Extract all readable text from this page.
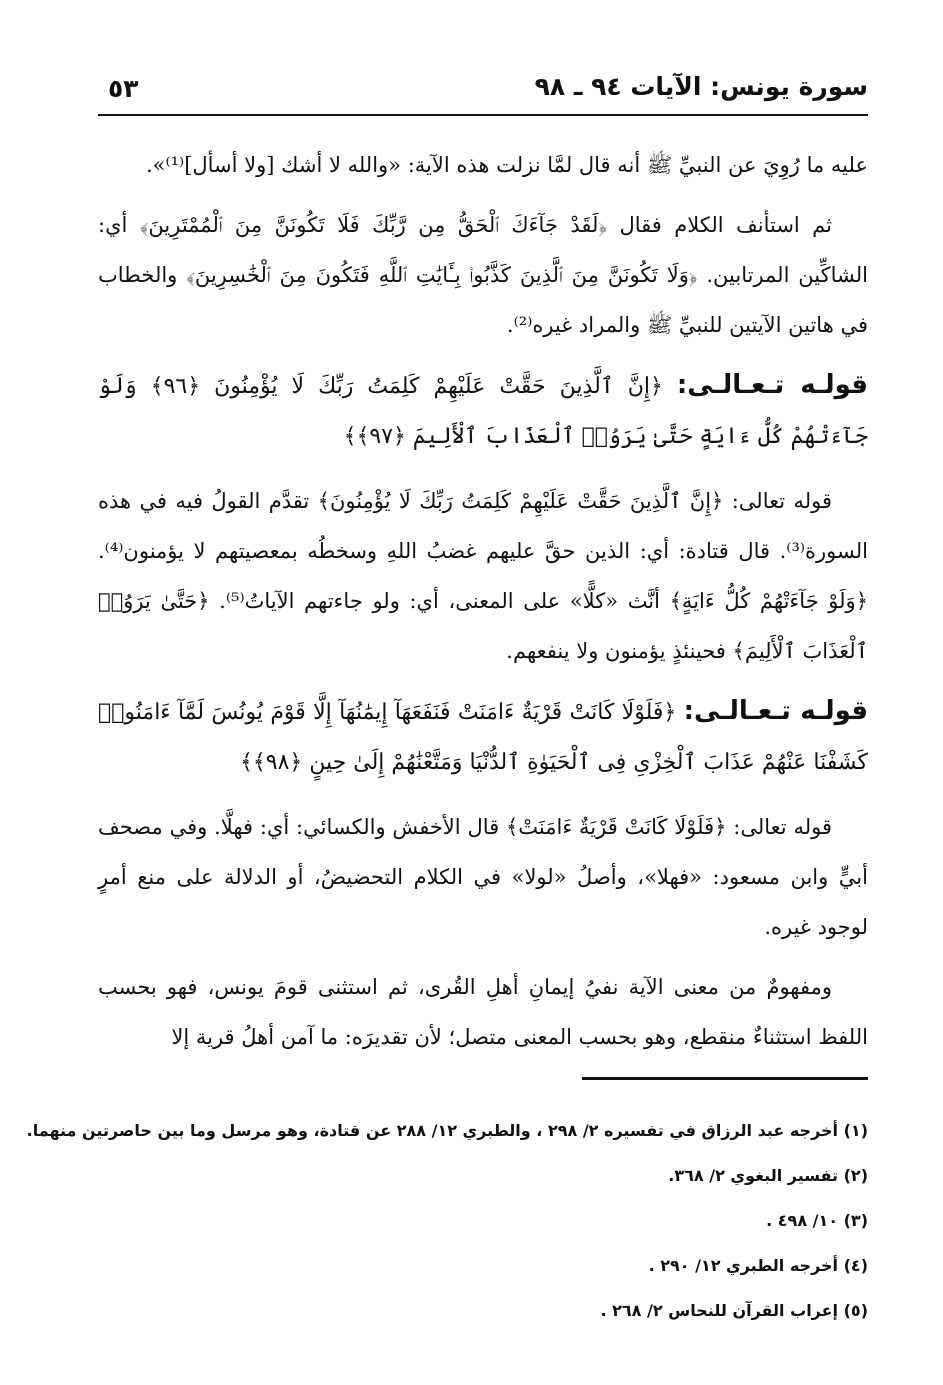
سورة يونس: الآيات ٩٤ ـ ٩٨
٥٣

عليه ما رُوِيَ عن النبيِّ ﷺ أنه قال لمَّا نزلت هذه الآية: «والله لا أشك [ولا أسأل]⁽¹⁾».

ثم استأنف الكلام فقال ﴿لَقَدْ جَآءَكَ ٱلْحَقُّ مِن رَّبِّكَ فَلَا تَكُونَنَّ مِنَ ٱلْمُمْتَرِينَ﴾ أي: الشاكِّين المرتابين. ﴿وَلَا تَكُونَنَّ مِنَ ٱلَّذِينَ كَذَّبُوا۟ بِـَٔايَٰتِ ٱللَّهِ فَتَكُونَ مِنَ ٱلْخَٰسِرِينَ﴾ والخطاب في هاتين الآيتين للنبيِّ ﷺ والمراد غيره⁽²⁾.

قولـه تـعـالـى: ﴿إِنَّ ٱلَّذِينَ حَقَّتْ عَلَيْهِمْ كَلِمَتُ رَبِّكَ لَا يُؤْمِنُونَ ﴿٩٦﴾ وَلَوْ جَآءَتْهُمْ كُلُّ ءَايَةٍ حَتَّىٰ يَرَوُا۟ ٱلْعَذَابَ ٱلْأَلِيمَ ﴿٩٧﴾﴾

قوله تعالى: ﴿إِنَّ ٱلَّذِينَ حَقَّتْ عَلَيْهِمْ كَلِمَتُ رَبِّكَ لَا يُؤْمِنُونَ﴾ تقدَّم القولُ فيه في هذه السورة⁽³⁾. قال قتادة: أي: الذين حقَّ عليهم غضبُ اللهِ وسخطُه بمعصيتهم لا يؤمنون⁽⁴⁾. ﴿وَلَوْ جَآءَتْهُمْ كُلُّ ءَايَةٍ﴾ أنَّث «كلًّا» على المعنى، أي: ولو جاءتهم الآياتُ⁽⁵⁾. ﴿حَتَّىٰ يَرَوُا۟ ٱلْعَذَابَ ٱلْأَلِيمَ﴾ فحينئذٍ يؤمنون ولا ينفعهم.

قولـه تـعـالـى: ﴿فَلَوْلَا كَانَتْ قَرْيَةٌ ءَامَنَتْ فَنَفَعَهَآ إِيمَٰنُهَآ إِلَّا قَوْمَ يُونُسَ لَمَّآ ءَامَنُوا۟ كَشَفْنَا عَنْهُمْ عَذَابَ ٱلْخِزْىِ فِى ٱلْحَيَوٰةِ ٱلدُّنْيَا وَمَتَّعْنَٰهُمْ إِلَىٰ حِينٍ ﴿٩٨﴾﴾

قوله تعالى: ﴿فَلَوْلَا كَانَتْ قَرْيَةٌ ءَامَنَتْ﴾ قال الأخفش والكسائي: أي: فهلَّا. وفي مصحف أبيٍّ وابن مسعود: «فهلا»، وأصلُ «لولا» في الكلام التحضيضُ، أو الدلالة على منع أمرٍ لوجود غيره.

ومفهومٌ من معنى الآية نفيُ إيمانِ أهلِ القُرى، ثم استثنى قومَ يونس، فهو بحسب اللفظ استثناءٌ منقطع، وهو بحسب المعنى متصل؛ لأن تقديرَه: ما آمن أهلُ قرية إلا

(١) أخرجه عبد الرزاق في تفسيره ٢/ ٢٩٨ ، والطبري ١٢/ ٢٨٨ عن قتادة، وهو مرسل وما بين حاصرتين منهما.
(٢) تفسير البغوي ٢/ ٣٦٨.
(٣) ١٠/ ٤٩٨ .
(٤) أخرجه الطبري ١٢/ ٢٩٠ .
(٥) إعراب القرآن للنحاس ٢/ ٢٦٨ .
